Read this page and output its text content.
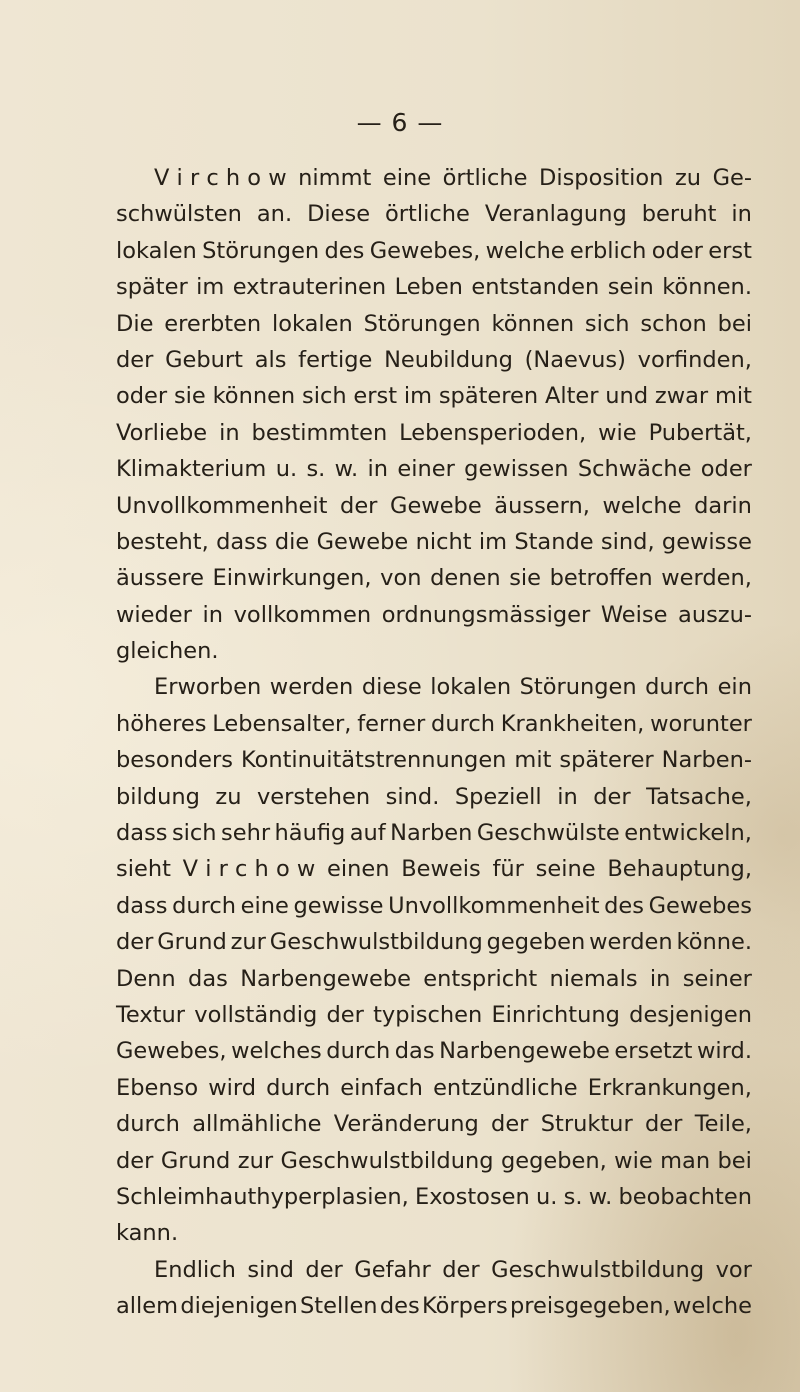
— 6 —
V i r c h o w nimmt eine örtliche Disposition zu Ge-
schwülsten an. Diese örtliche Veranlagung beruht in
lokalen Störungen des Gewebes, welche erblich oder erst
später im extrauterinen Leben entstanden sein können.
Die ererbten lokalen Störungen können sich schon bei
der Geburt als fertige Neubildung (Naevus) vorfinden,
oder sie können sich erst im späteren Alter und zwar mit
Vorliebe in bestimmten Lebensperioden, wie Pubertät,
Klimakterium u. s. w. in einer gewissen Schwäche oder
Unvollkommenheit der Gewebe äussern, welche darin
besteht, dass die Gewebe nicht im Stande sind, gewisse
äussere Einwirkungen, von denen sie betroffen werden,
wieder in vollkommen ordnungsmässiger Weise auszu-
gleichen.
Erworben werden diese lokalen Störungen durch ein
höheres Lebensalter, ferner durch Krankheiten, worunter
besonders Kontinuitätstrennungen mit späterer Narben-
bildung zu verstehen sind. Speziell in der Tatsache,
dass sich sehr häufig auf Narben Geschwülste entwickeln,
sieht V i r c h o w einen Beweis für seine Behauptung,
dass durch eine gewisse Unvollkommenheit des Gewebes
der Grund zur Geschwulstbildung gegeben werden könne.
Denn das Narbengewebe entspricht niemals in seiner
Textur vollständig der typischen Einrichtung desjenigen
Gewebes, welches durch das Narbengewebe ersetzt wird.
Ebenso wird durch einfach entzündliche Erkrankungen,
durch allmähliche Veränderung der Struktur der Teile,
der Grund zur Geschwulstbildung gegeben, wie man bei
Schleimhauthyperplasien, Exostosen u. s. w. beobachten
kann.
Endlich sind der Gefahr der Geschwulstbildung vor
allem diejenigen Stellen des Körpers preisgegeben, welche
